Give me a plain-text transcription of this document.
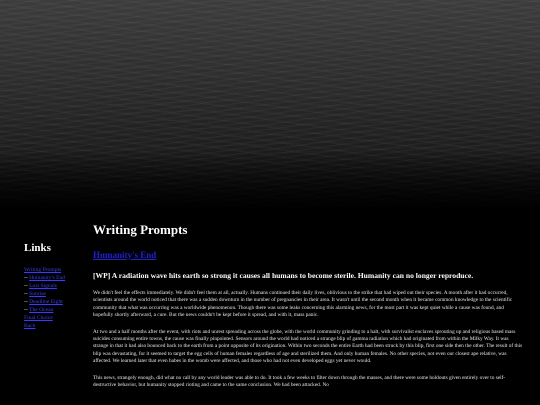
Links
Writing Prompts
-- Humanity's End
-- Lost Signals
-- Sunrise
-- Deadline Eight
-- The Ocean
Final Choice
Back
Writing Prompts
Humanity's End

[WP] A radiation wave hits earth so strong it causes all humans to become sterile. Humanity can no longer reproduce.

We didn't feel the effects immediately. We didn't feel them at all, actually. Humans continued their daily lives, oblivious to the strike that had wiped out their species. A month after it had occurred, scientists around the world noticed that there was a sudden downturn in the number of pregnancies in their area. It wasn't until the second month when it became common knowledge to the scientific community that what was occurring was a worldwide phenomenon. Though there was some leaks concerning this alarming news, for the most part it was kept quiet while a cause was found, and hopefully shortly afterward, a cure. But the news couldn't be kept before it spread, and with it, mass panic.

At two and a half months after the event, with riots and unrest spreading across the globe, with the world community grinding to a halt, with survivalist enclaves sprouting up and religious based mass suicides consuming entire towns, the cause was finally pinpointed. Sensors around the world had noticed a strange blip of gamma radiation which had originated from within the Milky Way. It was strange in that it had also bounced back to the earth from a point opposite of its origination. Within two seconds the entire Earth had been struck by this blip, first one side then the other. The result of this blip was devastating, for it seemed to target the egg cells of human females regardless of age and sterilized them. And only human females. No other species, not even our closest ape relative, was affected. We learned later that even babes in the womb were affected, and those who had not even developed eggs yet never would.

This news, strangely enough, did what no call by any world leader was able to do. It took a few weeks to filter down through the masses, and there were some holdouts given entirely over to self-destructive behavior, but humanity stopped rioting and came to the same conclusion. We had been attacked. No
